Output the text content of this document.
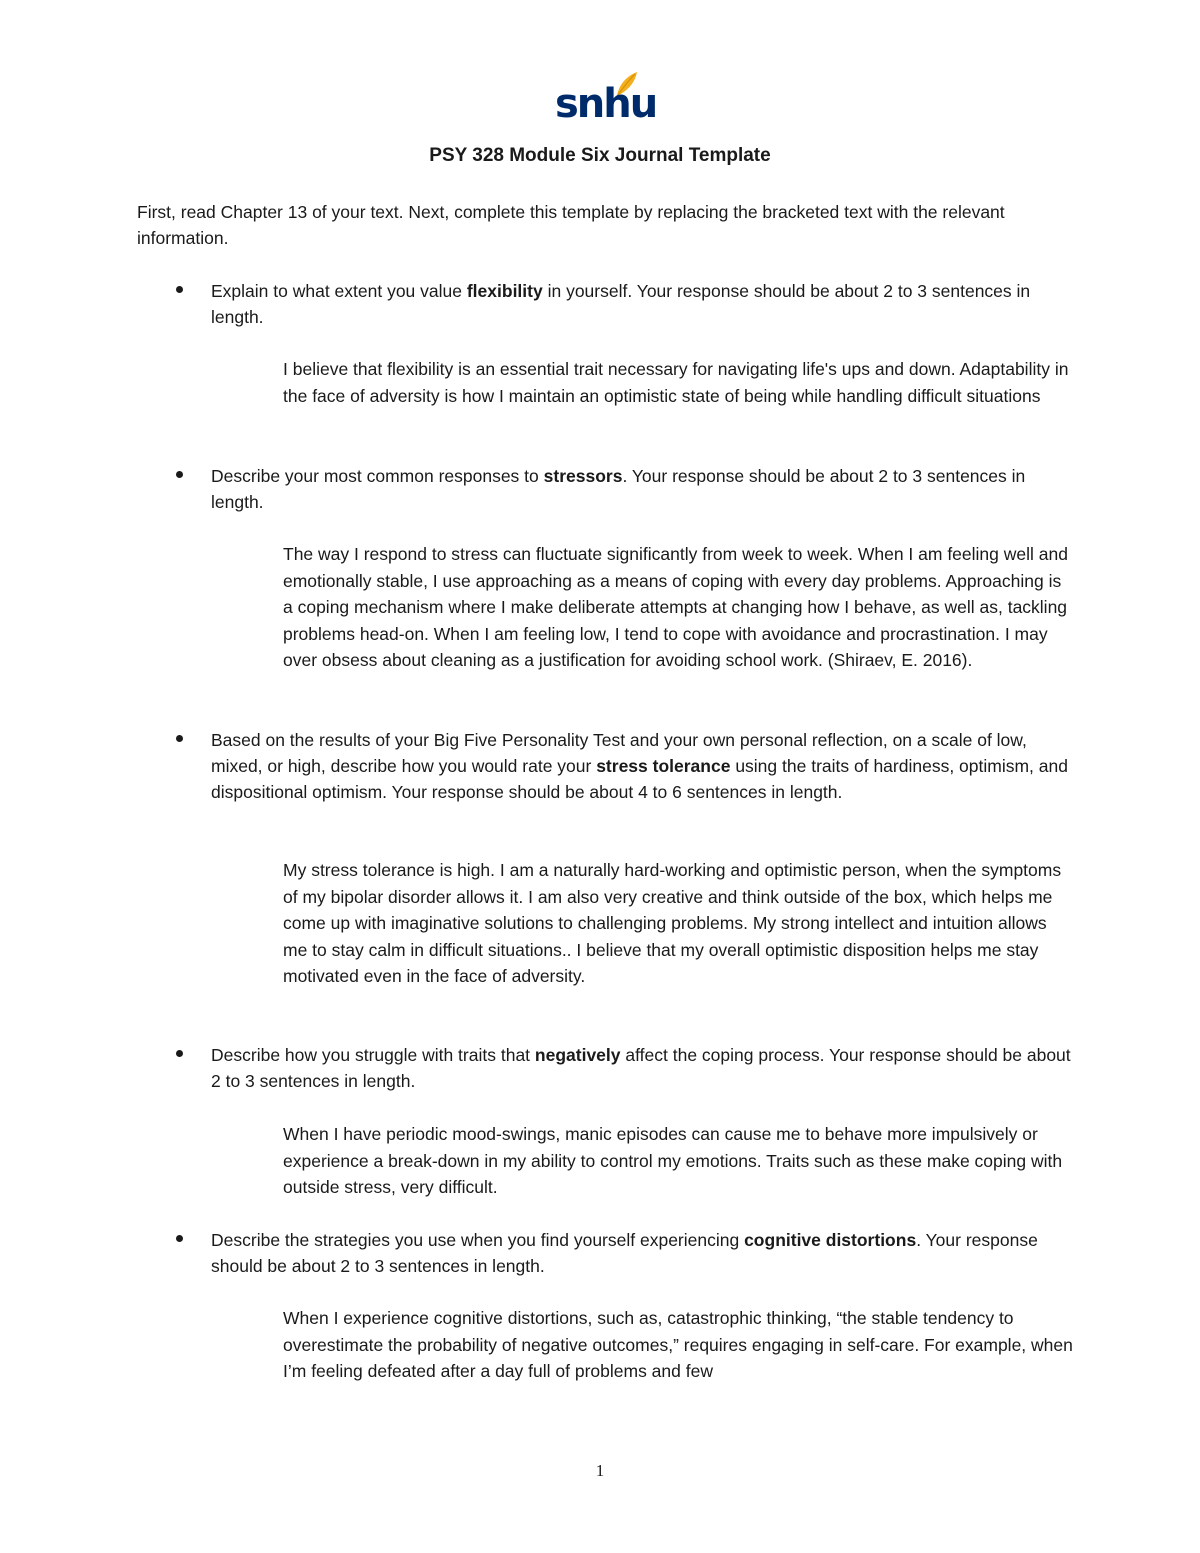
snhu
PSY 328 Module Six Journal Template
First, read Chapter 13 of your text. Next, complete this template by replacing the bracketed text with the relevant information.
Explain to what extent you value flexibility in yourself. Your response should be about 2 to 3 sentences in length.
I believe that flexibility is an essential trait necessary for navigating life's ups and down. Adaptability in the face of adversity is how I maintain an optimistic state of being while handling difficult situations
Describe your most common responses to stressors. Your response should be about 2 to 3 sentences in length.
The way I respond to stress can fluctuate significantly from week to week. When I am feeling well and emotionally stable, I use approaching as a means of coping with every day problems. Approaching is a coping mechanism where I make deliberate attempts at changing how I behave, as well as, tackling problems head-on. When I am feeling low, I tend to cope with avoidance and procrastination. I may over obsess about cleaning as a justification for avoiding school work. (Shiraev, E. 2016).
Based on the results of your Big Five Personality Test and your own personal reflection, on a scale of low, mixed, or high, describe how you would rate your stress tolerance using the traits of hardiness, optimism, and dispositional optimism. Your response should be about 4 to 6 sentences in length.
My stress tolerance is high. I am a naturally hard-working and optimistic person, when the symptoms of my bipolar disorder allows it. I am also very creative and think outside of the box, which helps me come up with imaginative solutions to challenging problems. My strong intellect and intuition allows me to stay calm in difficult situations.. I believe that my overall optimistic disposition helps me stay motivated even in the face of adversity.
Describe how you struggle with traits that negatively affect the coping process. Your response should be about 2 to 3 sentences in length.
When I have periodic mood-swings, manic episodes can cause me to behave more impulsively or experience a break-down in my ability to control my emotions. Traits such as these make coping with outside stress, very difficult.
Describe the strategies you use when you find yourself experiencing cognitive distortions. Your response should be about 2 to 3 sentences in length.
When I experience cognitive distortions, such as, catastrophic thinking, “the stable tendency to overestimate the probability of negative outcomes,” requires engaging in self-care. For example, when I’m feeling defeated after a day full of problems and few
1
